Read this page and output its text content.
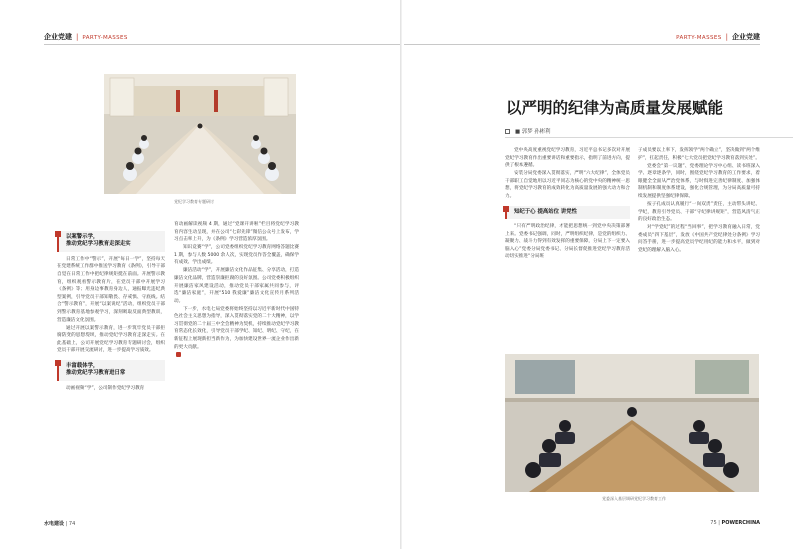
企业党建 | PARTY-MASSES
党纪学习教育专题研讨
以案警示学，
推动党纪学习教育走深走实

日常工作中“警示”，开展“每日一学”，坚持每天在党建系统工作群中推送学习教育《条例》，引导干部自觉在日常工作中把纪律规矩挺在前面。开展警示教育，组织观看警示教育片，在党员干部中开展学习《条例》等；用身边事教育身边人，通报曝光违纪典型案例，引导党员干部知敬畏、存戒惧、守底线。结合“警示教育”，开展“以案说纪”活动，组织党员干部到警示教育基地参观学习，深刻吸取反面典型教训，营造廉洁文化氛围。

通过开展以案警示教育，进一步筑牢党员干部拒腐防变的思想堤坝，推动党纪学习教育走深走实。在此基础上，公司开展党纪学习教育专题研讨会，组织党员干部开展交流研讨，进一步提高学习质效。

丰富载体学，
推动党纪学习教育进日常

动画视频“学”，公司制作党纪学习教育

育动画解读视频 4 期，通过“党课开讲啦”栏目将党纪学习教育内容生动呈现，并在公司“七彩先锋”微信公众号上发布，学习点击率上升，为《条例》学习营造浓厚氛围。

知识竞赛“学”，公司党委组织党纪学习教育网络答题比赛 1 期，参与人数 5000 余人次，实现党员作答全覆盖，确保学有成效、学出成绩。

廉洁活动“学”，开展廉洁文化作品征集、分享活动，打造廉洁文化品牌，营造崇廉拒腐的良好氛围。公司党委积极组织开展廉洁家风建设活动，推动党员干部家属共同参与，评选“廉洁家庭”，开展“510 我爱廉”廉洁文化宣传月系列活动。

下一步，水电七局党委将始终坚持以习近平新时代中国特色社会主义思想为指导，深入贯彻落实党的二十大精神，以学习贯彻党的二十届三中全会精神为契机，持续推动党纪学习教育常态化长效化，引导党员干部学纪、知纪、明纪、守纪，在新征程上展现新担当新作为，为加快建设世界一流企业作出新的更大贡献。

水电建设 | 74
PARTY-MASSES | 企业党建
以严明的纪律为高质量发展赋能
■ 郭梦 孙彬利

党中央高度重视党纪学习教育，习近平总书记多次对开展党纪学习教育作出重要讲话和重要指示，指明了前进方向，提供了根本遵循。

安装分局党委深入贯彻落实，严明“六大纪律”，全体党员干部职工自觉地用以习近平同志为核心的党中央的精神统一思想，将党纪学习教育的成效转化为高质量发展的强大动力和合力。

知纪于心 提高站位 讲党性

“只有严明政治纪律，才能把思想统一到党中央决策部署上来。党委书记强调，同时，严明组织纪律，是党的组织力、凝聚力、战斗力得到有效发挥的重要保障，分局上下一定要入脑入心”党委分局党委书记、分局长督促推进党纪学习教育活动切实推进“分局班

子成员要以上率下，发挥领学“两个确立”，坚决做到“两个维护”，扛起责任，积极“七大党员把党纪学习教育落到实处”。

党委会“第一议题”、党委理论学习中心组、读书班深入学、逐章逐条学，同时，围绕党纪学习教育的工作要求，着眼健全全面从严治党体系，与时俱进完善纪律制度、加强体制机制和制度体系建设，强化合规管理，为分局高质量可持续发展提供坚强纪律保障。

按子孔成员认真履行“一岗双责”责任，主动带头讲纪、学纪，教育引导党员、干部“守纪律讲规矩”，营造风清气正的良好政治生态。

对“学党纪”的过程“当回事”，把学习教育融入日常，党委成员“四下基层”，发放《中国共产党纪律处分条例》学习问答手册，进一步提高党员学纪用纪的能力和水平，做到对党纪的理解入脑入心。

党委深入基层调研党纪学习教育工作
75 | POWERCHINA
